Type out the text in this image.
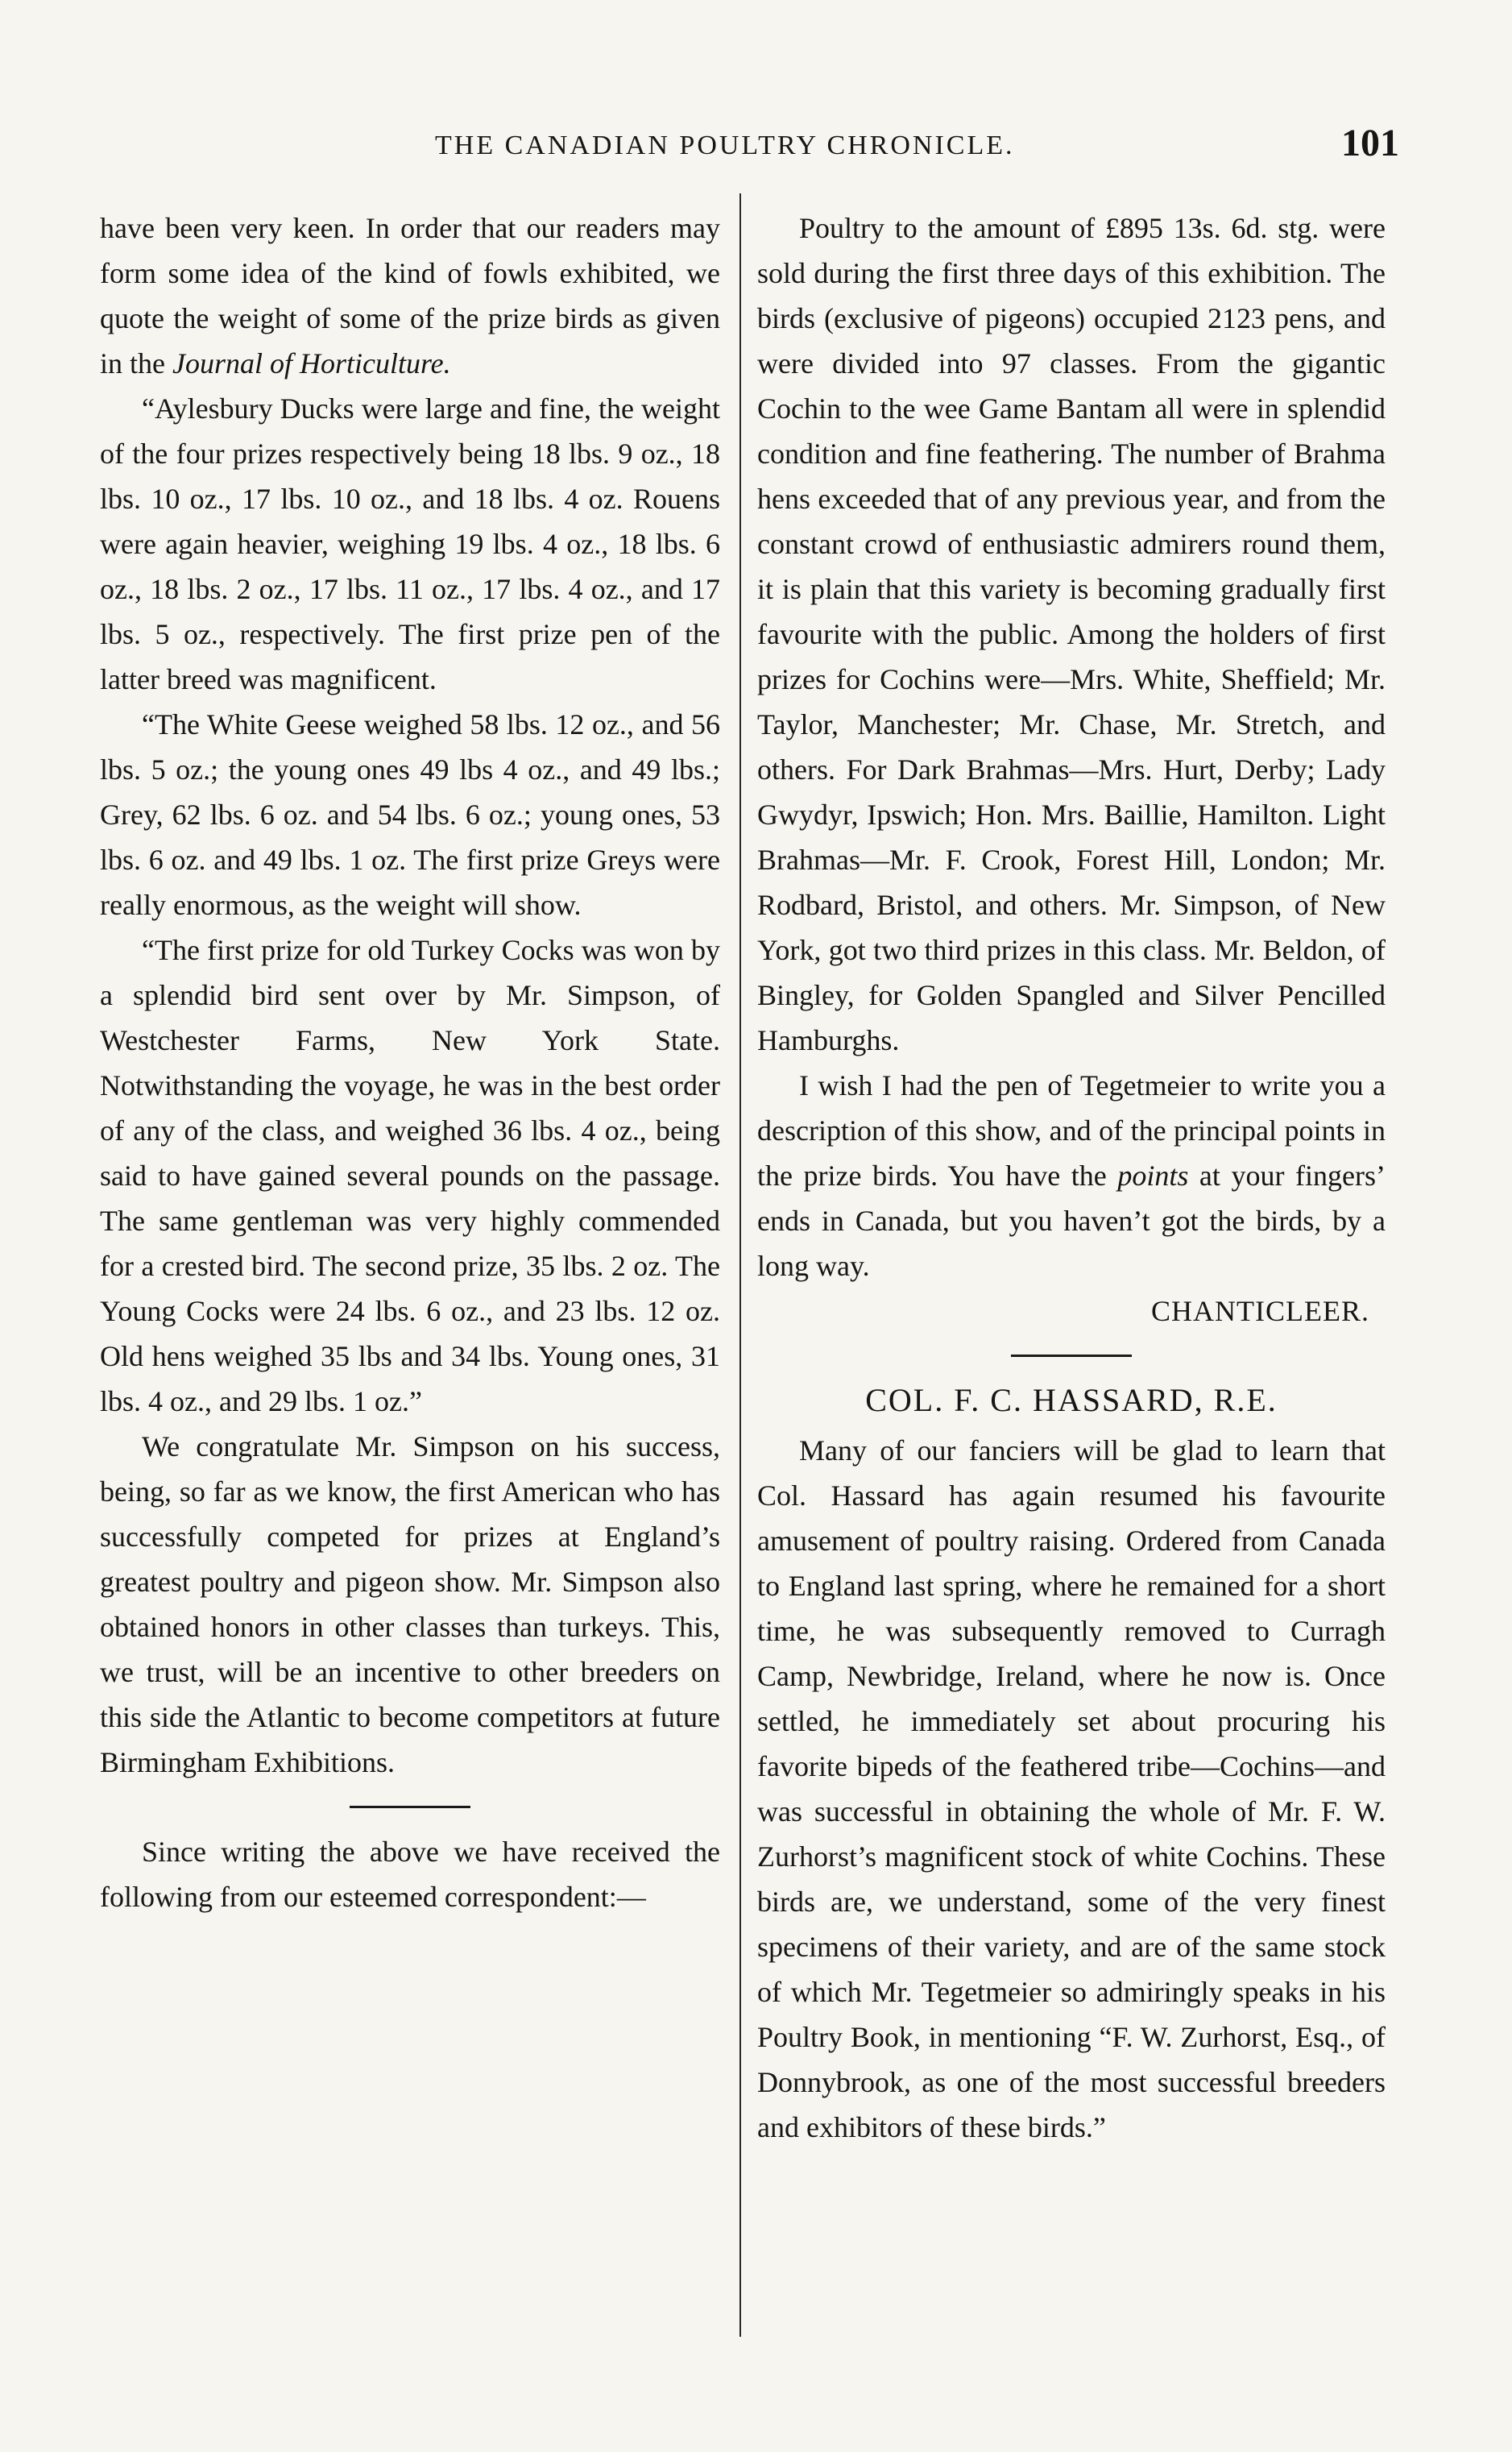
THE CANADIAN POULTRY CHRONICLE.	101

have been very keen. In order that our readers may form some idea of the kind of fowls exhibited, we quote the weight of some of the prize birds as given in the Journal of Horticulture.

“Aylesbury Ducks were large and fine, the weight of the four prizes respectively being 18 lbs. 9 oz., 18 lbs. 10 oz., 17 lbs. 10 oz., and 18 lbs. 4 oz. Rouens were again heavier, weighing 19 lbs. 4 oz., 18 lbs. 6 oz., 18 lbs. 2 oz., 17 lbs. 11 oz., 17 lbs. 4 oz., and 17 lbs. 5 oz., respectively. The first prize pen of the latter breed was magnificent.

“The White Geese weighed 58 lbs. 12 oz., and 56 lbs. 5 oz.; the young ones 49 lbs 4 oz., and 49 lbs.; Grey, 62 lbs. 6 oz. and 54 lbs. 6 oz.; young ones, 53 lbs. 6 oz. and 49 lbs. 1 oz. The first prize Greys were really enormous, as the weight will show.

“The first prize for old Turkey Cocks was won by a splendid bird sent over by Mr. Simpson, of Westchester Farms, New York State. Notwithstanding the voyage, he was in the best order of any of the class, and weighed 36 lbs. 4 oz., being said to have gained several pounds on the passage. The same gentleman was very highly commended for a crested bird. The second prize, 35 lbs. 2 oz. The Young Cocks were 24 lbs. 6 oz., and 23 lbs. 12 oz. Old hens weighed 35 lbs and 34 lbs. Young ones, 31 lbs. 4 oz., and 29 lbs. 1 oz.”

We congratulate Mr. Simpson on his success, being, so far as we know, the first American who has successfully competed for prizes at England’s greatest poultry and pigeon show. Mr. Simpson also obtained honors in other classes than turkeys. This, we trust, will be an incentive to other breeders on this side the Atlantic to become competitors at future Birmingham Exhibitions.

Since writing the above we have received the following from our esteemed correspondent:—

Poultry to the amount of £895 13s. 6d. stg. were sold during the first three days of this exhibition. The birds (exclusive of pigeons) occupied 2123 pens, and were divided into 97 classes. From the gigantic Cochin to the wee Game Bantam all were in splendid condition and fine feathering. The number of Brahma hens exceeded that of any previous year, and from the constant crowd of enthusiastic admirers round them, it is plain that this variety is becoming gradually first favourite with the public. Among the holders of first prizes for Cochins were—Mrs. White, Sheffield; Mr. Taylor, Manchester; Mr. Chase, Mr. Stretch, and others. For Dark Brahmas—Mrs. Hurt, Derby; Lady Gwydyr, Ipswich; Hon. Mrs. Baillie, Hamilton. Light Brahmas—Mr. F. Crook, Forest Hill, London; Mr. Rodbard, Bristol, and others. Mr. Simpson, of New York, got two third prizes in this class. Mr. Beldon, of Bingley, for Golden Spangled and Silver Pencilled Hamburghs.

I wish I had the pen of Tegetmeier to write you a description of this show, and of the principal points in the prize birds. You have the points at your fingers’ ends in Canada, but you haven’t got the birds, by a long way.

CHANTICLEER.

COL. F. C. HASSARD, R.E.

Many of our fanciers will be glad to learn that Col. Hassard has again resumed his favourite amusement of poultry raising. Ordered from Canada to England last spring, where he remained for a short time, he was subsequently removed to Curragh Camp, Newbridge, Ireland, where he now is. Once settled, he immediately set about procuring his favorite bipeds of the feathered tribe—Cochins—and was successful in obtaining the whole of Mr. F. W. Zurhorst’s magnificent stock of white Cochins. These birds are, we understand, some of the very finest specimens of their variety, and are of the same stock of which Mr. Tegetmeier so admiringly speaks in his Poultry Book, in mentioning “F. W. Zurhorst, Esq., of Donnybrook, as one of the most successful breeders and exhibitors of these birds.”
